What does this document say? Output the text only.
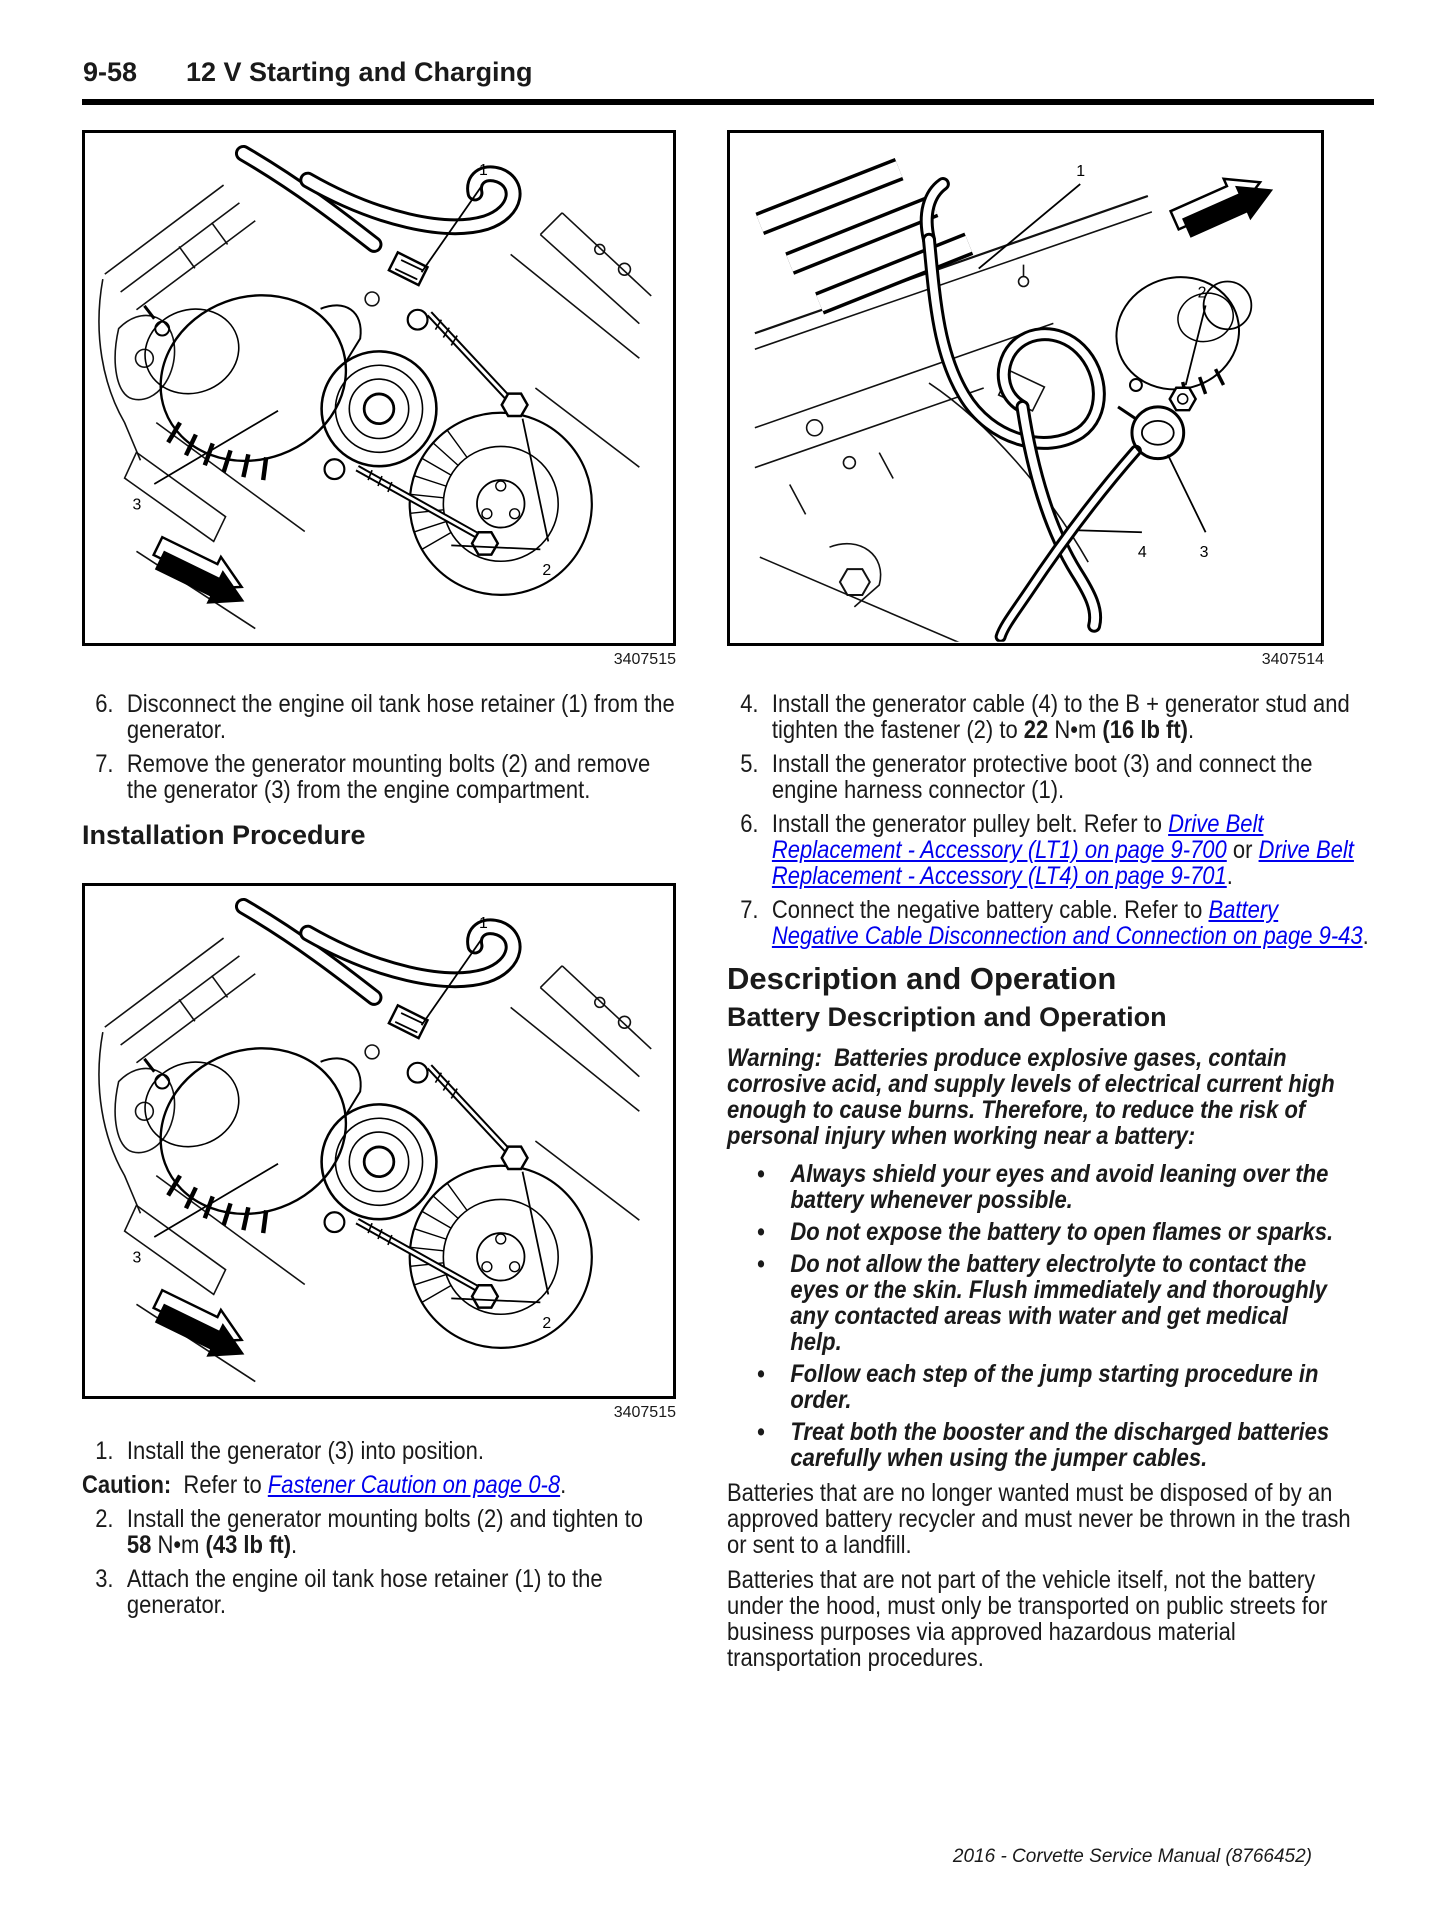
9-58 12 V Starting and Charging
3407515
6. Disconnect the engine oil tank hose retainer (1) from the generator.
7. Remove the generator mounting bolts (2) and remove the generator (3) from the engine compartment.
Installation Procedure
3407515
1. Install the generator (3) into position.
Caution:  Refer to Fastener Caution on page 0-8.
2. Install the generator mounting bolts (2) and tighten to 58 N•m (43 lb ft).
3. Attach the engine oil tank hose retainer (1) to the generator.
3407514
4. Install the generator cable (4) to the B + generator stud and tighten the fastener (2) to 22 N•m (16 lb ft).
5. Install the generator protective boot (3) and connect the engine harness connector (1).
6. Install the generator pulley belt. Refer to Drive Belt Replacement - Accessory (LT1) on page 9-700 or Drive Belt Replacement - Accessory (LT4) on page 9-701.
7. Connect the negative battery cable. Refer to Battery Negative Cable Disconnection and Connection on page 9-43.
Description and Operation
Battery Description and Operation

Warning:  Batteries produce explosive gases, contain corrosive acid, and supply levels of electrical current high enough to cause burns. Therefore, to reduce the risk of personal injury when working near a battery:

•	Always shield your eyes and avoid leaning over the battery whenever possible.
•	Do not expose the battery to open flames or sparks.
•	Do not allow the battery electrolyte to contact the eyes or the skin. Flush immediately and thoroughly any contacted areas with water and get medical help.
•	Follow each step of the jump starting procedure in order.
•	Treat both the booster and the discharged batteries carefully when using the jumper cables.

Batteries that are no longer wanted must be disposed of by an approved battery recycler and must never be thrown in the trash or sent to a landfill.

Batteries that are not part of the vehicle itself, not the battery under the hood, must only be transported on public streets for business purposes via approved hazardous material transportation procedures.

2016 - Corvette Service Manual (8766452)
